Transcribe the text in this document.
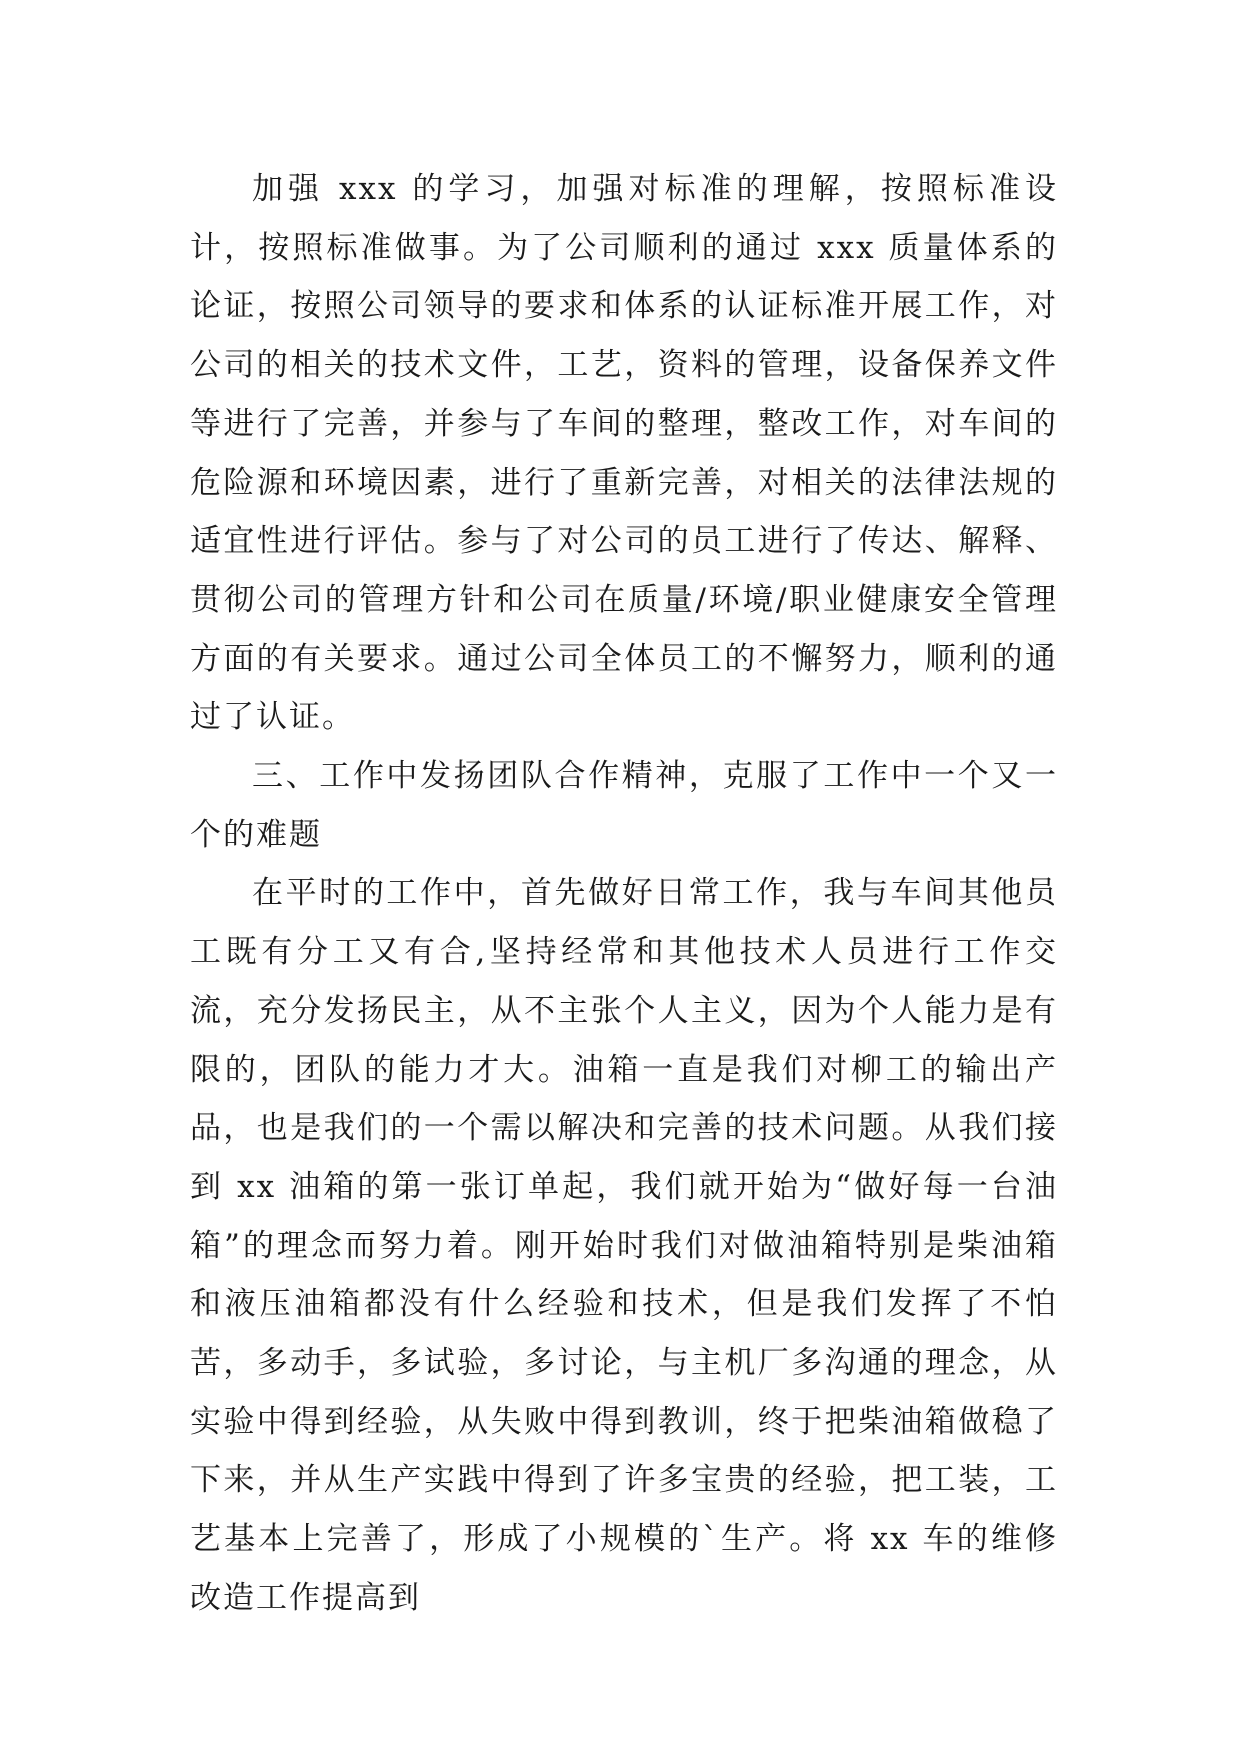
加强 xxx 的学习，加强对标准的理解，按照标准设计，按照标准做事。为了公司顺利的通过 xxx 质量体系的论证，按照公司领导的要求和体系的认证标准开展工作，对公司的相关的技术文件，工艺，资料的管理，设备保养文件等进行了完善，并参与了车间的整理，整改工作，对车间的危险源和环境因素，进行了重新完善，对相关的法律法规的适宜性进行评估。参与了对公司的员工进行了传达、解释、贯彻公司的管理方针和公司在质量/环境/职业健康安全管理方面的有关要求。通过公司全体员工的不懈努力，顺利的通过了认证。

三、工作中发扬团队合作精神，克服了工作中一个又一个的难题

在平时的工作中，首先做好日常工作，我与车间其他员工既有分工又有合,坚持经常和其他技术人员进行工作交流，充分发扬民主，从不主张个人主义，因为个人能力是有限的，团队的能力才大。油箱一直是我们对柳工的输出产品，也是我们的一个需以解决和完善的技术问题。从我们接到 xx 油箱的第一张订单起，我们就开始为“做好每一台油箱”的理念而努力着。刚开始时我们对做油箱特别是柴油箱和液压油箱都没有什么经验和技术，但是我们发挥了不怕苦，多动手，多试验，多讨论，与主机厂多沟通的理念，从实验中得到经验，从失败中得到教训，终于把柴油箱做稳了下来，并从生产实践中得到了许多宝贵的经验，把工装，工艺基本上完善了，形成了小规模的`生产。将 xx 车的维修改造工作提高到
